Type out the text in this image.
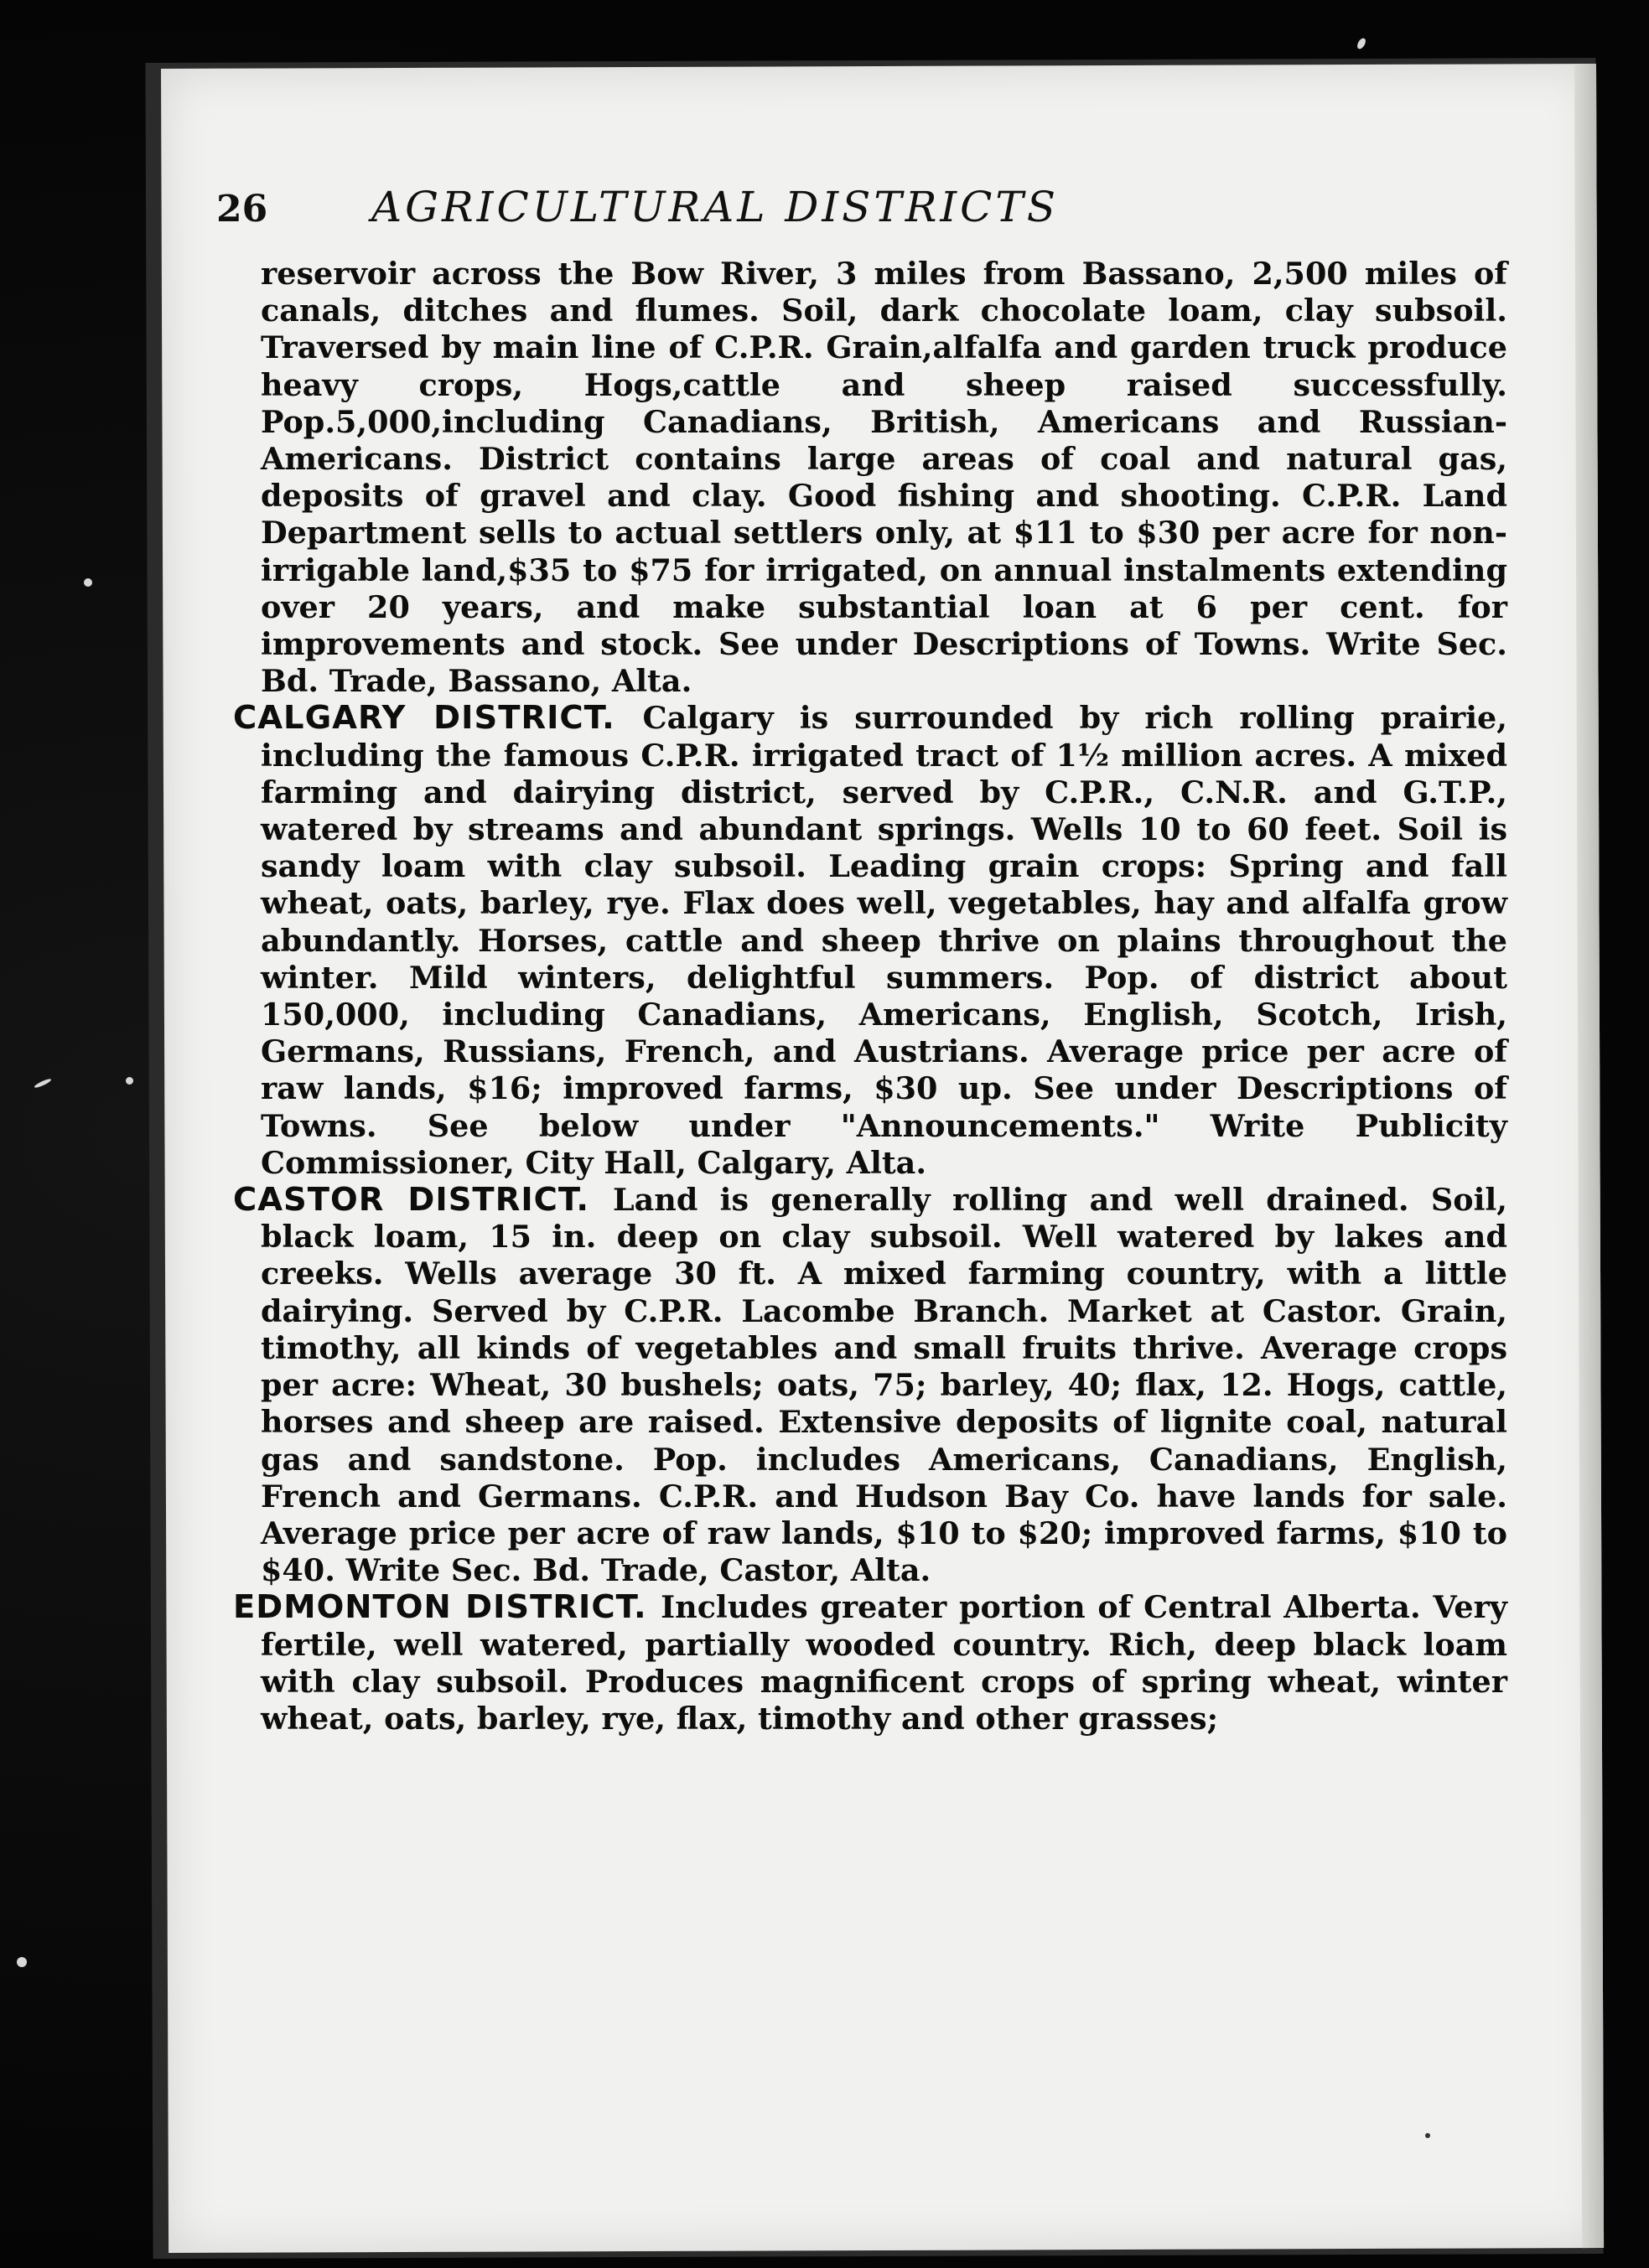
26 AGRICULTURAL DISTRICTS

reservoir across the Bow River, 3 miles from Bassano, 2,500 miles of canals, ditches and flumes. Soil, dark chocolate loam, clay subsoil. Traversed by main line of C.P.R. Grain,alfalfa and garden truck produce heavy crops, Hogs,cattle and sheep raised successfully. Pop.5,000,including Canadians, British, Americans and Russian-Americans. District contains large areas of coal and natural gas, deposits of gravel and clay. Good fishing and shooting. C.P.R. Land Department sells to actual settlers only, at $11 to $30 per acre for non-irrigable land,$35 to $75 for irrigated, on annual instalments extending over 20 years, and make substantial loan at 6 per cent. for improvements and stock. See under Descriptions of Towns. Write Sec. Bd. Trade, Bassano, Alta.

CALGARY DISTRICT. Calgary is surrounded by rich rolling prairie, including the famous C.P.R. irrigated tract of 1½ million acres. A mixed farming and dairying district, served by C.P.R., C.N.R. and G.T.P., watered by streams and abundant springs. Wells 10 to 60 feet. Soil is sandy loam with clay subsoil. Leading grain crops: Spring and fall wheat, oats, barley, rye. Flax does well, vegetables, hay and alfalfa grow abundantly. Horses, cattle and sheep thrive on plains throughout the winter. Mild winters, delightful summers. Pop. of district about 150,000, including Canadians, Americans, English, Scotch, Irish, Germans, Russians, French, and Austrians. Average price per acre of raw lands, $16; improved farms, $30 up. See under Descriptions of Towns. See below under "Announcements." Write Publicity Commissioner, City Hall, Calgary, Alta.

CASTOR DISTRICT. Land is generally rolling and well drained. Soil, black loam, 15 in. deep on clay subsoil. Well watered by lakes and creeks. Wells average 30 ft. A mixed farming country, with a little dairying. Served by C.P.R. Lacombe Branch. Market at Castor. Grain, timothy, all kinds of vegetables and small fruits thrive. Average crops per acre: Wheat, 30 bushels; oats, 75; barley, 40; flax, 12. Hogs, cattle, horses and sheep are raised. Extensive deposits of lignite coal, natural gas and sandstone. Pop. includes Americans, Canadians, English, French and Germans. C.P.R. and Hudson Bay Co. have lands for sale. Average price per acre of raw lands, $10 to $20; improved farms, $10 to $40. Write Sec. Bd. Trade, Castor, Alta.

EDMONTON DISTRICT. Includes greater portion of Central Alberta. Very fertile, well watered, partially wooded country. Rich, deep black loam with clay subsoil. Produces magnificent crops of spring wheat, winter wheat, oats, barley, rye, flax, timothy and other grasses;
